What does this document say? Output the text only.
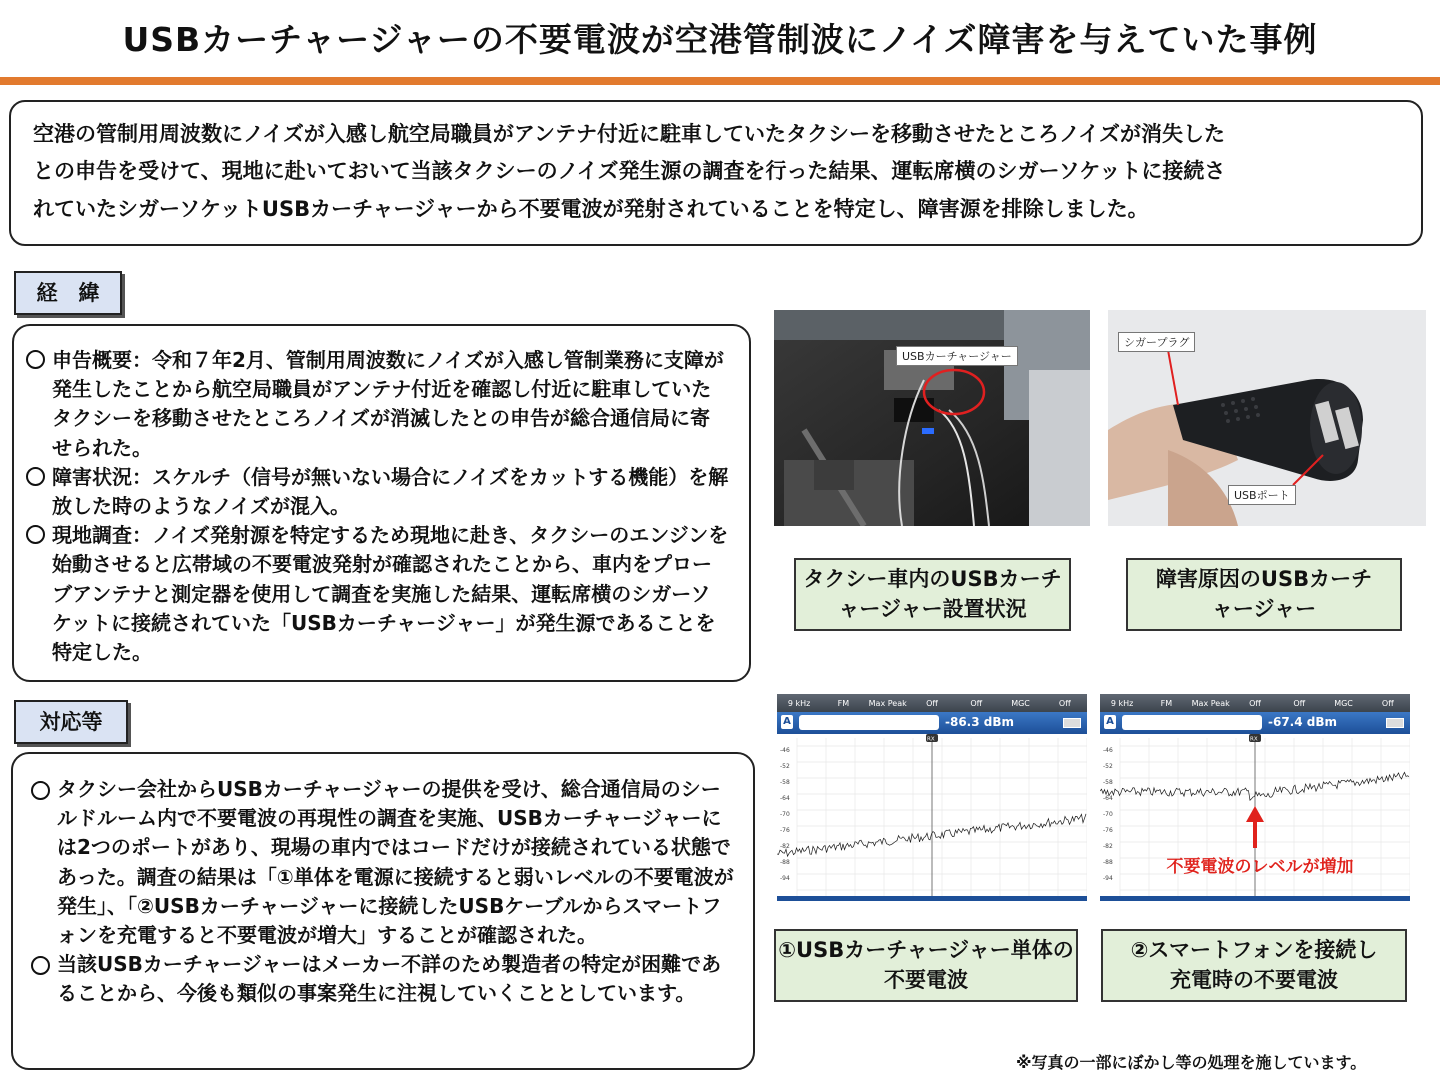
USBカーチャージャーの不要電波が空港管制波にノイズ障害を与えていた事例
空港の管制用周波数にノイズが入感し航空局職員がアンテナ付近に駐車していたタクシーを移動させたところノイズが消失した
との申告を受けて、現地に赴いておいて当該タクシーのノイズ発生源の調査を行った結果、運転席横のシガーソケットに接続さ
れていたシガーソケットUSBカーチャージャーから不要電波が発射されていることを特定し、障害源を排除しました。
経　緯
申告概要：令和７年2月、管制用周波数にノイズが入感し管制業務に支障が発生したことから航空局職員がアンテナ付近を確認し付近に駐車していたタクシーを移動させたところノイズが消滅したとの申告が総合通信局に寄せられた。
障害状況：スケルチ（信号が無いない場合にノイズをカットする機能）を解放した時のようなノイズが混入。
現地調査：ノイズ発射源を特定するため現地に赴き、タクシーのエンジンを始動させると広帯域の不要電波発射が確認されたことから、車内をプローブアンテナと測定器を使用して調査を実施した結果、運転席横のシガーソケットに接続されていた「USBカーチャージャー」が発生源であることを特定した。
対応等
タクシー会社からUSBカーチャージャーの提供を受け、総合通信局のシールドルーム内で不要電波の再現性の調査を実施、USBカーチャージャーには2つのポートがあり、現場の車内ではコードだけが接続されている状態であった。調査の結果は「①単体を電源に接続すると弱いレベルの不要電波が発生」、「②USBカーチャージャーに接続したUSBケーブルからスマートフォンを充電すると不要電波が増大」することが確認された。
当該USBカーチャージャーはメーカー不詳のため製造者の特定が困難であることから、今後も類似の事案発生に注視していくこととしています。
USBカーチャージャー
シガープラグ
USBポート
タクシー車内のUSBカーチャージャー設置状況
障害原因のUSBカーチャージャー
9 kHz	FM	Max Peak	Off	Off	MGC	Off
A	-86.3 dBm
-46
-52
-58
-64
-70
-76
-82
-88
-94
RX
9 kHz	FM	Max Peak	Off	Off	MGC	Off
A	-67.4 dBm
-46
-52
-58
-64
-70
-76
-82
-88
-94
RX
不要電波のレベルが増加
①USBカーチャージャー単体の不要電波
②スマートフォンを接続し充電時の不要電波
※写真の一部にぼかし等の処理を施しています。
